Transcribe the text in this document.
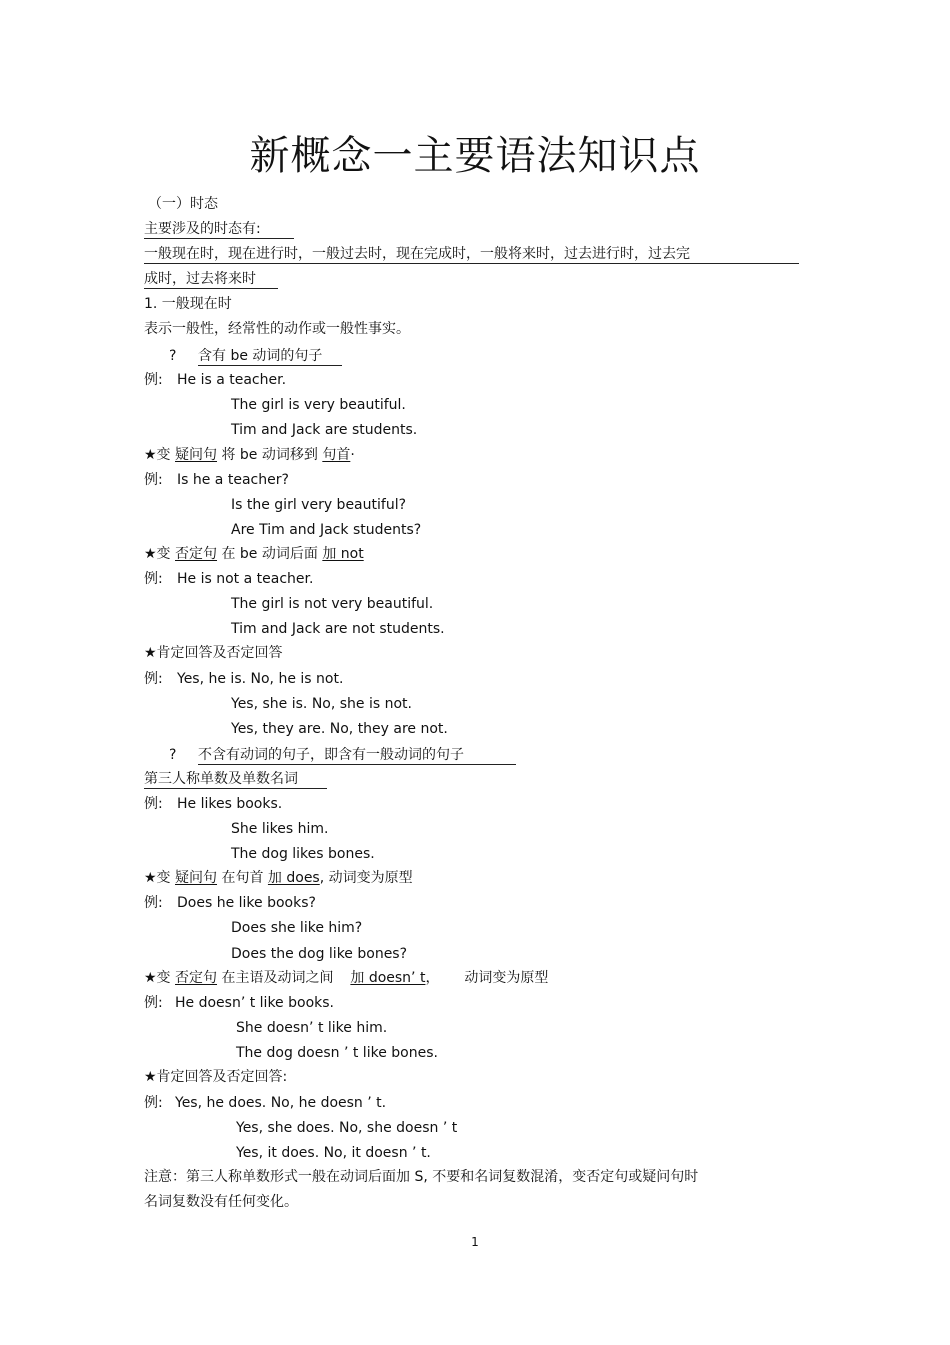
新概念一主要语法知识点
（一）时态
主要涉及的时态有:
一般现在时，现在进行时，一般过去时，现在完成时，一般将来时，过去进行时，过去完
成时，过去将来时
1. 一般现在时
表示一般性，经常性的动作或一般性事实。
? 含有 be 动词的句子
例: He is a teacher.
The girl is very beautiful.
Tim and Jack are students.
★变 疑问句 将 be 动词移到 句首·
例: Is he a teacher?
Is the girl very beautiful?
Are Tim and Jack students?
★变 否定句 在 be 动词后面 加 not
例: He is not a teacher.
The girl is not very beautiful.
Tim and Jack are not students.
★肯定回答及否定回答
例: Yes, he is. No, he is not.
Yes, she is. No, she is not.
Yes, they are. No, they are not.
? 不含有动词的句子，即含有一般动词的句子
第三人称单数及单数名词
例: He likes books.
She likes him.
The dog likes bones.
★变 疑问句 在句首 加 does, 动词变为原型
例: Does he like books?
Does she like him?
Does the dog like bones?
★变 否定句 在主语及动词之间 加 doesn’ t， 动词变为原型
例: He doesn’ t like books.
She doesn’ t like him.
The dog doesn ’ t like bones.
★肯定回答及否定回答:
例: Yes, he does. No, he doesn ’ t.
Yes, she does. No, she doesn ’ t
Yes, it does. No, it doesn ’ t.
注意：第三人称单数形式一般在动词后面加 S, 不要和名词复数混淆，变否定句或疑问句时
名词复数没有任何变化。
1
